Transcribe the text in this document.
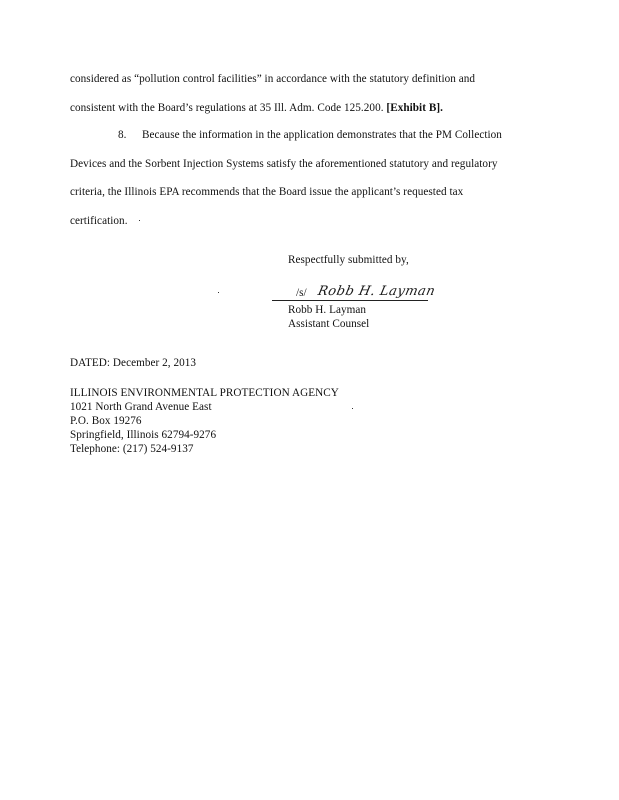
considered as “pollution control facilities” in accordance with the statutory definition and
consistent with the Board’s regulations at 35 Ill. Adm. Code 125.200. [Exhibit B].
8. Because the information in the application demonstrates that the PM Collection
Devices and the Sorbent Injection Systems satisfy the aforementioned statutory and regulatory
criteria, the Illinois EPA recommends that the Board issue the applicant’s requested tax
certification.
Respectfully submitted by,
/s/ Robb H. Layman
Robb H. Layman
Assistant Counsel
DATED: December 2, 2013
ILLINOIS ENVIRONMENTAL PROTECTION AGENCY
1021 North Grand Avenue East
P.O. Box 19276
Springfield, Illinois 62794-9276
Telephone: (217) 524-9137
